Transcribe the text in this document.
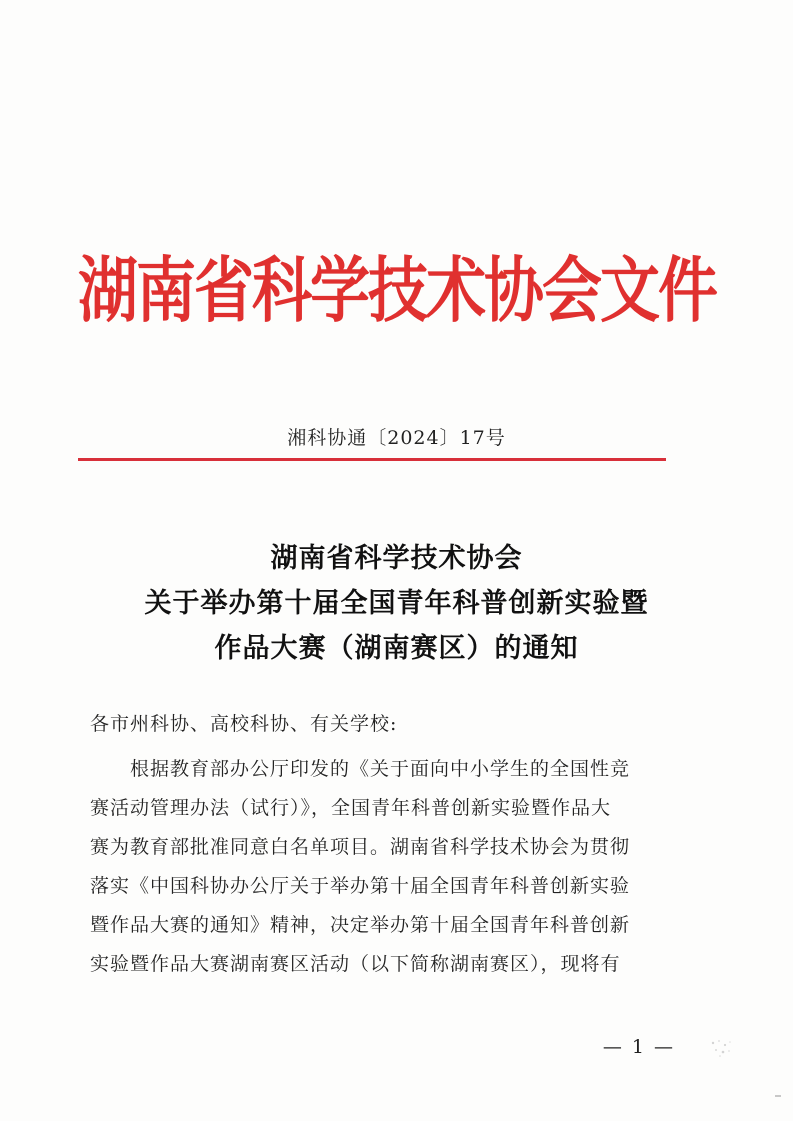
湖南省科学技术协会文件
湘科协通〔2024〕17号
湖南省科学技术协会
关于举办第十届全国青年科普创新实验暨
作品大赛（湖南赛区）的通知
各市州科协、高校科协、有关学校:
根据教育部办公厅印发的《关于面向中小学生的全国性竞
赛活动管理办法（试行）》，全国青年科普创新实验暨作品大
赛为教育部批准同意白名单项目。湖南省科学技术协会为贯彻
落实《中国科协办公厅关于举办第十届全国青年科普创新实验
暨作品大赛的通知》精神，决定举办第十届全国青年科普创新
实验暨作品大赛湖南赛区活动（以下简称湖南赛区），现将有
— 1 —
